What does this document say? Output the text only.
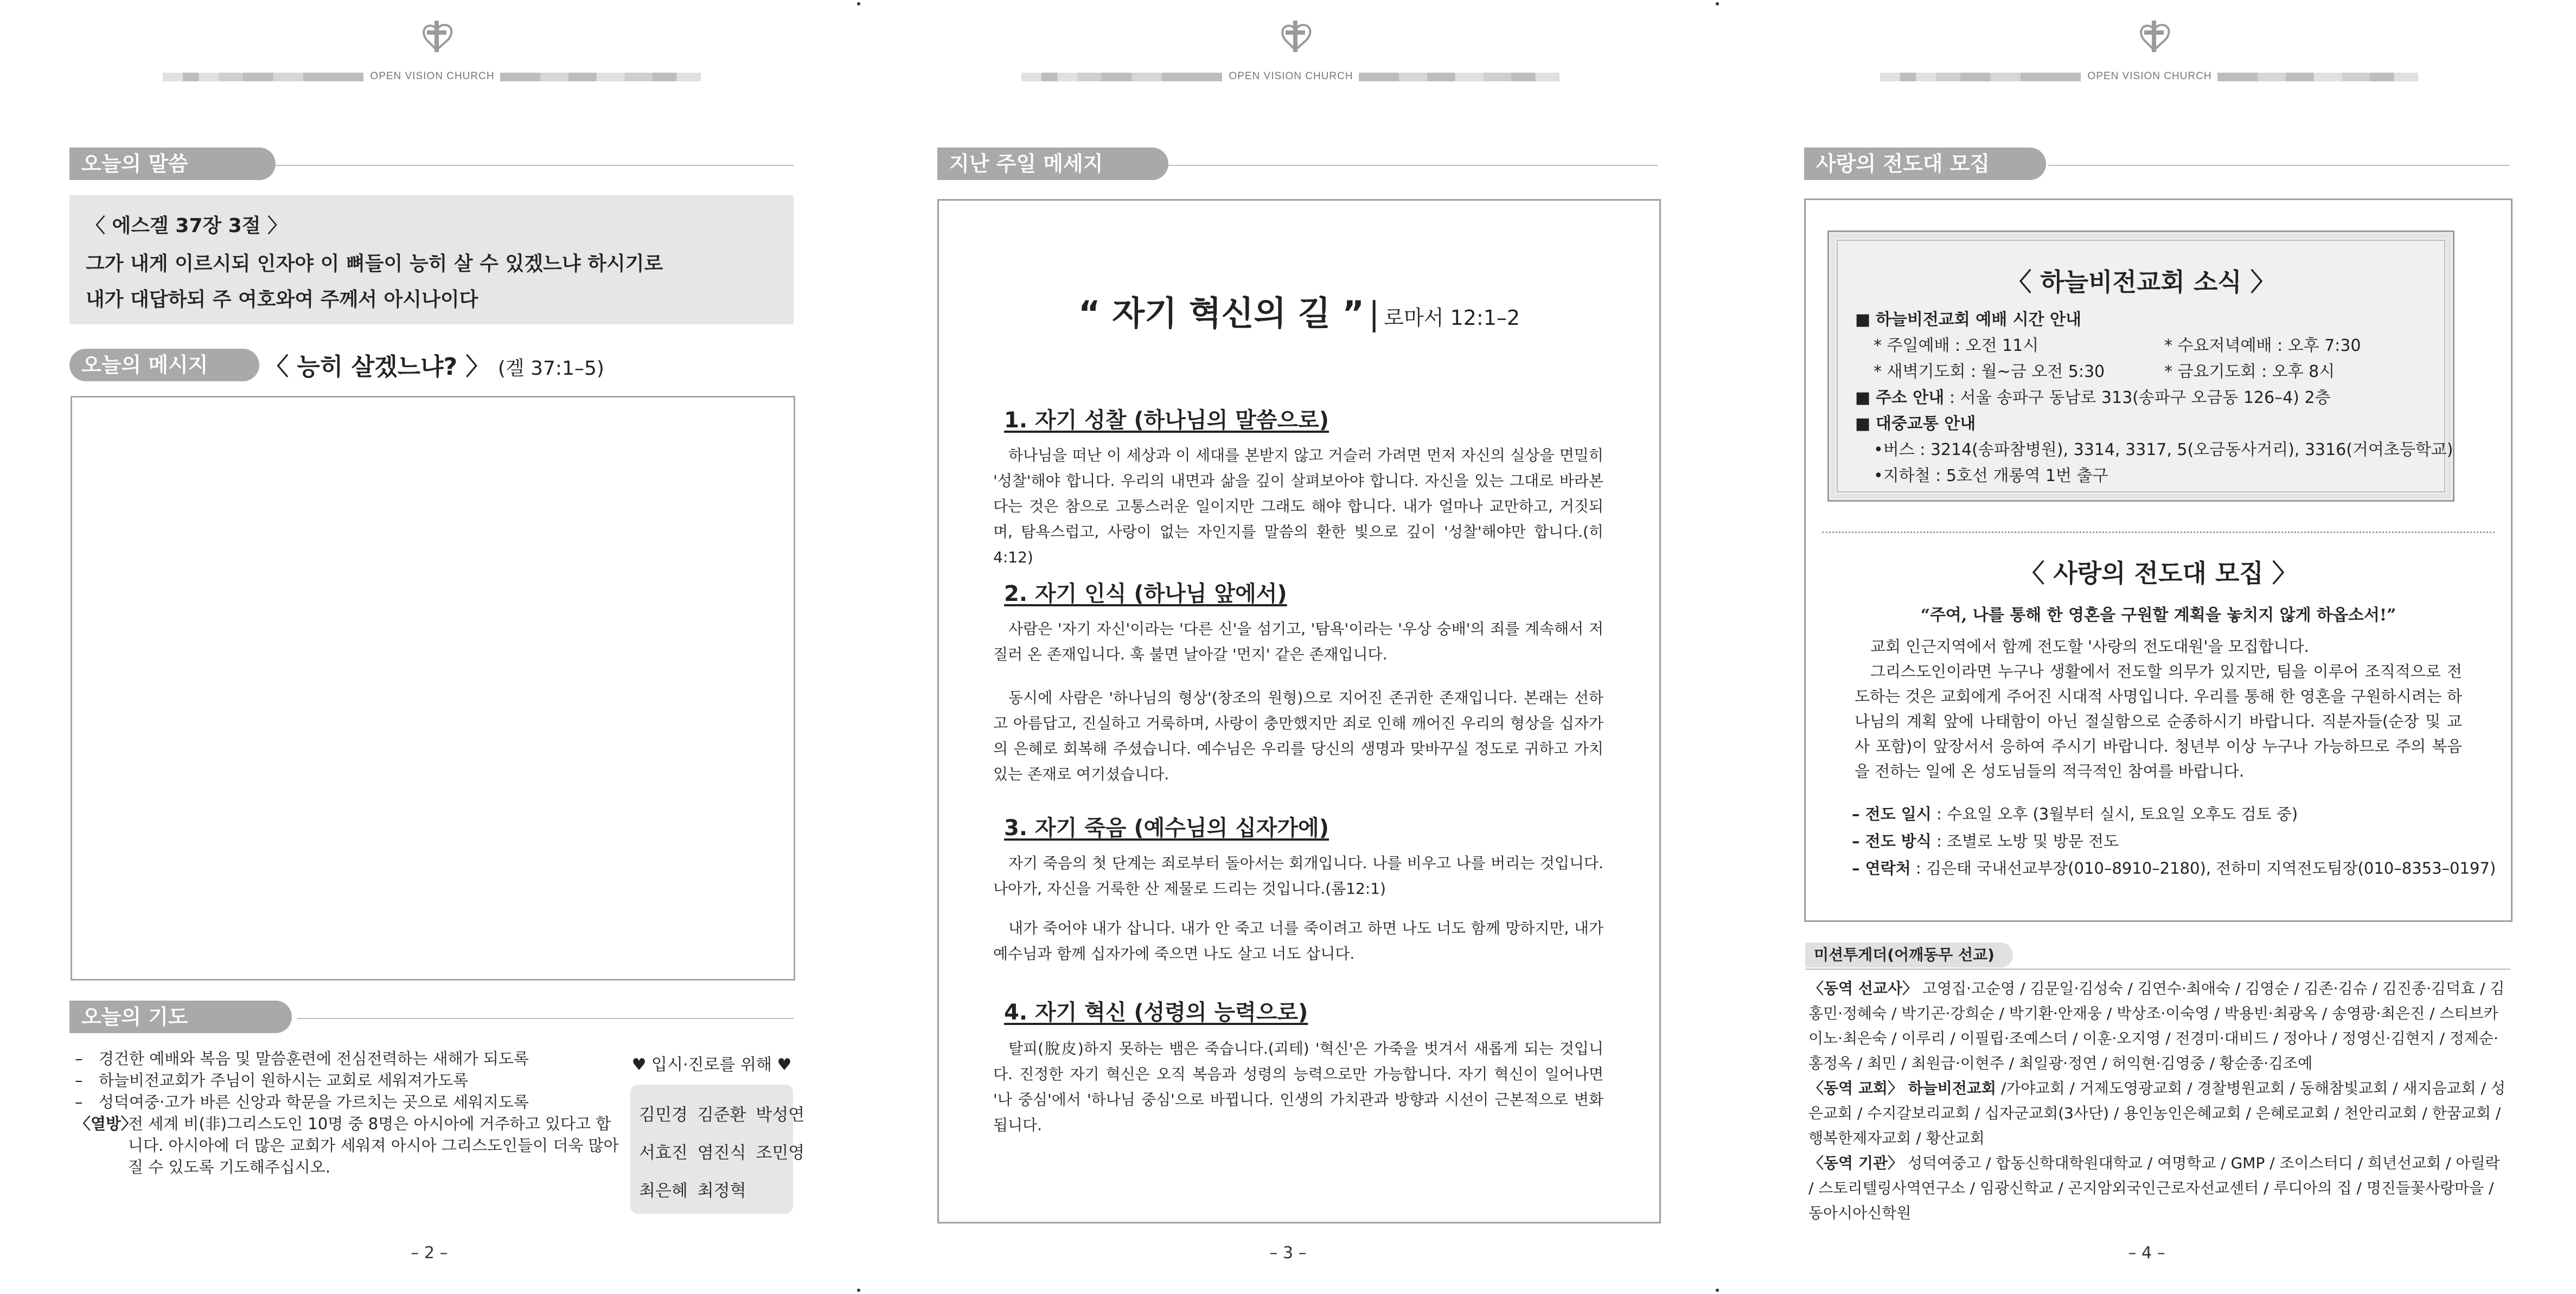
OPEN VISION CHURCH
오늘의 말씀
〈 에스겔 37장 3절 〉
그가 내게 이르시되 인자야 이 뼈들이 능히 살 수 있겠느냐 하시기로
내가 대답하되 주 여호와여 주께서 아시나이다
오늘의 메시지	〈 능히 살겠느냐? 〉 (겔 37:1–5)
오늘의 기도
– 경건한 예배와 복음 및 말씀훈련에 전심전력하는 새해가 되도록
– 하늘비전교회가 주님이 원하시는 교회로 세워져가도록
– 성덕여중·고가 바른 신앙과 학문을 가르치는 곳으로 세워지도록
〈열방〉
전 세계 비(非)그리스도인 10명 중 8명은 아시아에 거주하고 있다고 합니다. 아시아에 더 많은 교회가 세워져 아시아 그리스도인들이 더욱 많아질 수 있도록 기도해주십시오.
♥ 입시·진로를 위해 ♥
김민경 김준환 박성연
서효진 염진식 조민영
최은혜 최정혁
– 2 –
OPEN VISION CHURCH
지난 주일 메세지
“ 자기 혁신의 길 ” | 로마서 12:1–2
1. 자기 성찰 (하나님의 말씀으로)
하나님을 떠난 이 세상과 이 세대를 본받지 않고 거슬러 가려면 먼저 자신의 실상을 면밀히 '성찰'해야 합니다. 우리의 내면과 삶을 깊이 살펴보아야 합니다. 자신을 있는 그대로 바라본다는 것은 참으로 고통스러운 일이지만 그래도 해야 합니다. 내가 얼마나 교만하고, 거짓되며, 탐욕스럽고, 사랑이 없는 자인지를 말씀의 환한 빛으로 깊이 '성찰'해야만 합니다.(히 4:12)
2. 자기 인식 (하나님 앞에서)
사람은 '자기 자신'이라는 '다른 신'을 섬기고, '탐욕'이라는 '우상 숭배'의 죄를 계속해서 저질러 온 존재입니다. 훅 불면 날아갈 '먼지' 같은 존재입니다.
동시에 사람은 '하나님의 형상'(창조의 원형)으로 지어진 존귀한 존재입니다. 본래는 선하고 아름답고, 진실하고 거룩하며, 사랑이 충만했지만 죄로 인해 깨어진 우리의 형상을 십자가의 은혜로 회복해 주셨습니다. 예수님은 우리를 당신의 생명과 맞바꾸실 정도로 귀하고 가치 있는 존재로 여기셨습니다.
3. 자기 죽음 (예수님의 십자가에)
자기 죽음의 첫 단계는 죄로부터 돌아서는 회개입니다. 나를 비우고 나를 버리는 것입니다. 나아가, 자신을 거룩한 산 제물로 드리는 것입니다.(롬12:1)
내가 죽어야 내가 삽니다. 내가 안 죽고 너를 죽이려고 하면 나도 너도 함께 망하지만, 내가 예수님과 함께 십자가에 죽으면 나도 살고 너도 삽니다.
4. 자기 혁신 (성령의 능력으로)
탈피(脫皮)하지 못하는 뱀은 죽습니다.(괴테) '혁신'은 가죽을 벗겨서 새롭게 되는 것입니다. 진정한 자기 혁신은 오직 복음과 성령의 능력으로만 가능합니다. 자기 혁신이 일어나면 '나 중심'에서 '하나님 중심'으로 바뀝니다. 인생의 가치관과 방향과 시선이 근본적으로 변화됩니다.
– 3 –
OPEN VISION CHURCH
사랑의 전도대 모집
〈 하늘비전교회 소식 〉
■ 하늘비전교회 예배 시간 안내
* 주일예배 : 오전 11시	* 수요저녁예배 : 오후 7:30
* 새벽기도회 : 월~금 오전 5:30	* 금요기도회 : 오후 8시
■ 주소 안내 : 서울 송파구 동남로 313(송파구 오금동 126–4) 2층
■ 대중교통 안내
•버스 : 3214(송파참병원), 3314, 3317, 5(오금동사거리), 3316(거여초등학교)
•지하철 : 5호선 개롱역 1번 출구
〈 사랑의 전도대 모집 〉
“주여, 나를 통해 한 영혼을 구원할 계획을 놓치지 않게 하옵소서!”
교회 인근지역에서 함께 전도할 '사랑의 전도대원'을 모집합니다.
그리스도인이라면 누구나 생활에서 전도할 의무가 있지만, 팀을 이루어 조직적으로 전도하는 것은 교회에게 주어진 시대적 사명입니다. 우리를 통해 한 영혼을 구원하시려는 하나님의 계획 앞에 나태함이 아닌 절실함으로 순종하시기 바랍니다. 직분자들(순장 및 교사 포함)이 앞장서서 응하여 주시기 바랍니다. 청년부 이상 누구나 가능하므로 주의 복음을 전하는 일에 온 성도님들의 적극적인 참여를 바랍니다.
– 전도 일시 : 수요일 오후 (3월부터 실시, 토요일 오후도 검토 중)
– 전도 방식 : 조별로 노방 및 방문 전도
– 연락처 : 김은태 국내선교부장(010–8910–2180), 전하미 지역전도팀장(010–8353–0197)
미션투게더(어깨동무 선교)
〈동역 선교사〉 고영집·고순영 / 김문일·김성숙 / 김연수·최애숙 / 김영순 / 김존·김슈 / 김진종·김덕효 / 김홍민·정혜숙 / 박기곤·강희순 / 박기환·안재웅 / 박상조·이숙영 / 박용빈·최광옥 / 송영광·최은진 / 스티브카이노·최은숙 / 이루리 / 이필립·조예스더 / 이훈·오지영 / 전경미·대비드 / 정아나 / 정영신·김현지 / 정제순·홍정옥 / 최민 / 최원급·이현주 / 최일광·정연 / 허익현·김영중 / 황순종·김조예
〈동역 교회〉 하늘비전교회 /가야교회 / 거제도영광교회 / 경찰병원교회 / 동해참빛교회 / 새지음교회 / 성은교회 / 수지갈보리교회 / 십자군교회(3사단) / 용인농인은혜교회 / 은혜로교회 / 천안리교회 / 한꿈교회 / 행복한제자교회 / 황산교회
〈동역 기관〉 성덕여중고 / 합동신학대학원대학교 / 여명학교 / GMP / 조이스터디 / 희년선교회 / 아릴락 / 스토리텔링사역연구소 / 임광신학교 / 곤지암외국인근로자선교센터 / 루디아의 집 / 명진들꽃사랑마을 / 동아시아신학원
– 4 –
